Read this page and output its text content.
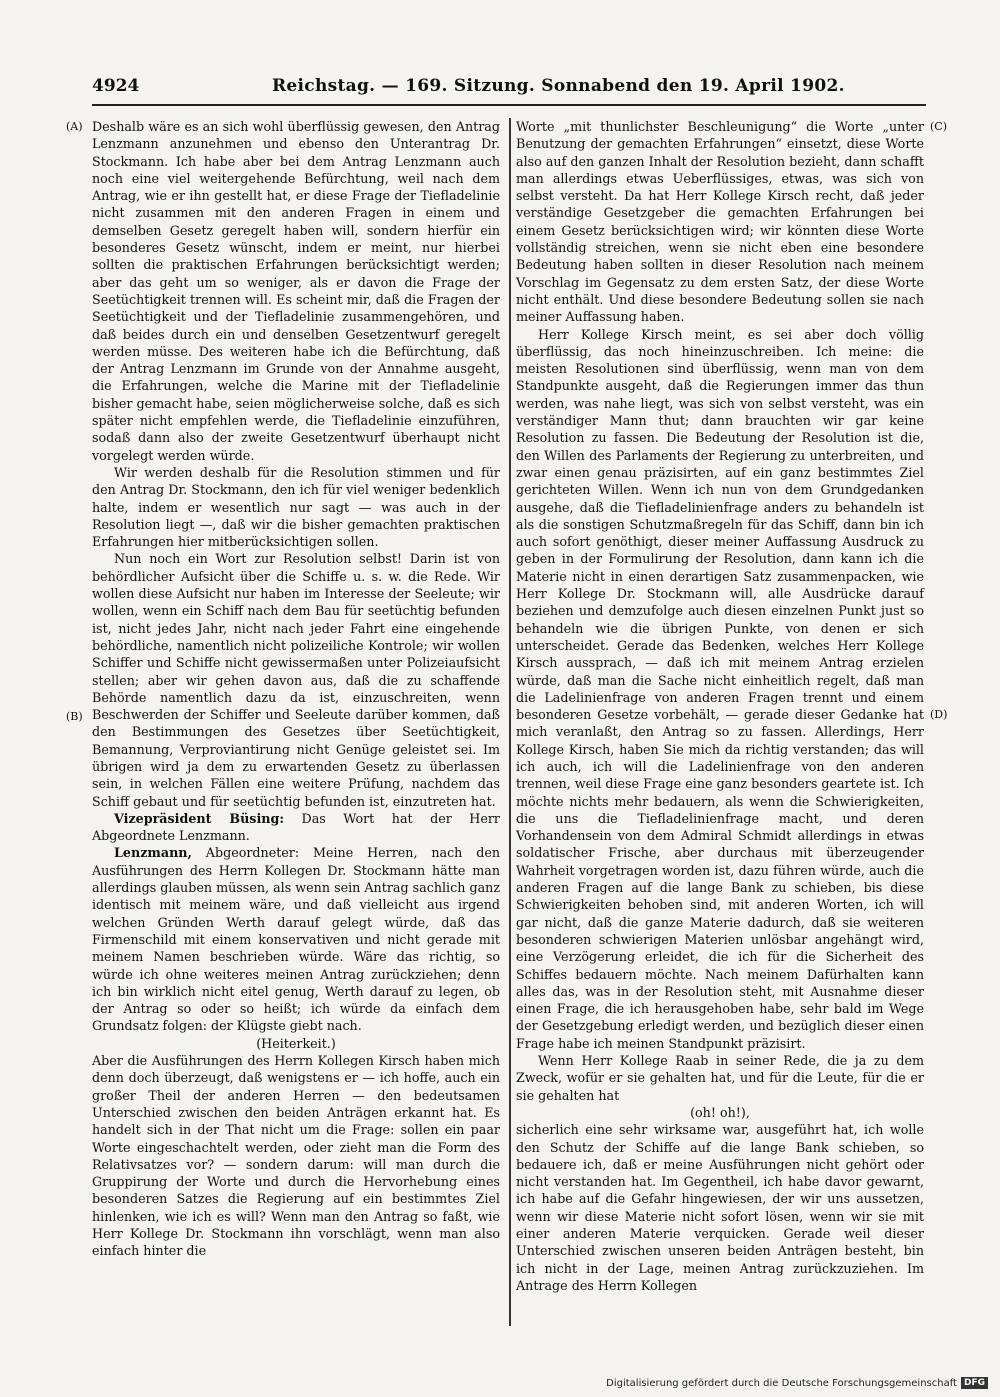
4924	Reichstag. — 169. Sitzung. Sonnabend den 19. April 1902.
(A)
(B)
(C)
(D)

Deshalb wäre es an sich wohl überflüssig gewesen, den Antrag Lenzmann anzunehmen und ebenso den Unterantrag Dr. Stockmann. Ich habe aber bei dem Antrag Lenzmann auch noch eine viel weitergehende Befürchtung, weil nach dem Antrag, wie er ihn gestellt hat, er diese Frage der Tiefladelinie nicht zusammen mit den anderen Fragen in einem und demselben Gesetz geregelt haben will, sondern hierfür ein besonderes Gesetz wünscht, indem er meint, nur hierbei sollten die praktischen Erfahrungen berücksichtigt werden; aber das geht um so weniger, als er davon die Frage der Seetüchtigkeit trennen will. Es scheint mir, daß die Fragen der Seetüchtigkeit und der Tiefladelinie zusammengehören, und daß beides durch ein und denselben Gesetzentwurf geregelt werden müsse. Des weiteren habe ich die Befürchtung, daß der Antrag Lenzmann im Grunde von der Annahme ausgeht, die Erfahrungen, welche die Marine mit der Tiefladelinie bisher gemacht habe, seien möglicherweise solche, daß es sich später nicht empfehlen werde, die Tiefladelinie einzuführen, sodaß dann also der zweite Gesetzentwurf überhaupt nicht vorgelegt werden würde.

Wir werden deshalb für die Resolution stimmen und für den Antrag Dr. Stockmann, den ich für viel weniger bedenklich halte, indem er wesentlich nur sagt — was auch in der Resolution liegt —, daß wir die bisher gemachten praktischen Erfahrungen hier mitberücksichtigen sollen.

Nun noch ein Wort zur Resolution selbst! Darin ist von behördlicher Aufsicht über die Schiffe u. s. w. die Rede. Wir wollen diese Aufsicht nur haben im Interesse der Seeleute; wir wollen, wenn ein Schiff nach dem Bau für seetüchtig befunden ist, nicht jedes Jahr, nicht nach jeder Fahrt eine eingehende behördliche, namentlich nicht polizeiliche Kontrole; wir wollen Schiffer und Schiffe nicht gewissermaßen unter Polizeiaufsicht stellen; aber wir gehen davon aus, daß die zu schaffende Behörde namentlich dazu da ist, einzuschreiten, wenn Beschwerden der Schiffer und Seeleute darüber kommen, daß den Bestimmungen des Gesetzes über Seetüchtigkeit, Bemannung, Verproviantirung nicht Genüge geleistet sei. Im übrigen wird ja dem zu erwartenden Gesetz zu überlassen sein, in welchen Fällen eine weitere Prüfung, nachdem das Schiff gebaut und für seetüchtig befunden ist, einzutreten hat.

Vizepräsident Büsing: Das Wort hat der Herr Abgeordnete Lenzmann.

Lenzmann, Abgeordneter: Meine Herren, nach den Ausführungen des Herrn Kollegen Dr. Stockmann hätte man allerdings glauben müssen, als wenn sein Antrag sachlich ganz identisch mit meinem wäre, und daß vielleicht aus irgend welchen Gründen Werth darauf gelegt würde, daß das Firmenschild mit einem konservativen und nicht gerade mit meinem Namen beschrieben würde. Wäre das richtig, so würde ich ohne weiteres meinen Antrag zurückziehen; denn ich bin wirklich nicht eitel genug, Werth darauf zu legen, ob der Antrag so oder so heißt; ich würde da einfach dem Grundsatz folgen: der Klügste giebt nach.

(Heiterkeit.)

Aber die Ausführungen des Herrn Kollegen Kirsch haben mich denn doch überzeugt, daß wenigstens er — ich hoffe, auch ein großer Theil der anderen Herren — den bedeutsamen Unterschied zwischen den beiden Anträgen erkannt hat. Es handelt sich in der That nicht um die Frage: sollen ein paar Worte eingeschachtelt werden, oder zieht man die Form des Relativsatzes vor? — sondern darum: will man durch die Gruppirung der Worte und durch die Hervorhebung eines besonderen Satzes die Regierung auf ein bestimmtes Ziel hinlenken, wie ich es will? Wenn man den Antrag so faßt, wie Herr Kollege Dr. Stockmann ihn vorschlägt, wenn man also einfach hinter die

Worte „mit thunlichster Beschleunigung“ die Worte „unter Benutzung der gemachten Erfahrungen“ einsetzt, diese Worte also auf den ganzen Inhalt der Resolution bezieht, dann schafft man allerdings etwas Ueberflüssiges, etwas, was sich von selbst versteht. Da hat Herr Kollege Kirsch recht, daß jeder verständige Gesetzgeber die gemachten Erfahrungen bei einem Gesetz berücksichtigen wird; wir könnten diese Worte vollständig streichen, wenn sie nicht eben eine besondere Bedeutung haben sollten in dieser Resolution nach meinem Vorschlag im Gegensatz zu dem ersten Satz, der diese Worte nicht enthält. Und diese besondere Bedeutung sollen sie nach meiner Auffassung haben.

Herr Kollege Kirsch meint, es sei aber doch völlig überflüssig, das noch hineinzuschreiben. Ich meine: die meisten Resolutionen sind überflüssig, wenn man von dem Standpunkte ausgeht, daß die Regierungen immer das thun werden, was nahe liegt, was sich von selbst versteht, was ein verständiger Mann thut; dann brauchten wir gar keine Resolution zu fassen. Die Bedeutung der Resolution ist die, den Willen des Parlaments der Regierung zu unterbreiten, und zwar einen genau präzisirten, auf ein ganz bestimmtes Ziel gerichteten Willen. Wenn ich nun von dem Grundgedanken ausgehe, daß die Tiefladelinienfrage anders zu behandeln ist als die sonstigen Schutzmaßregeln für das Schiff, dann bin ich auch sofort genöthigt, dieser meiner Auffassung Ausdruck zu geben in der Formulirung der Resolution, dann kann ich die Materie nicht in einen derartigen Satz zusammenpacken, wie Herr Kollege Dr. Stockmann will, alle Ausdrücke darauf beziehen und demzufolge auch diesen einzelnen Punkt just so behandeln wie die übrigen Punkte, von denen er sich unterscheidet. Gerade das Bedenken, welches Herr Kollege Kirsch aussprach, — daß ich mit meinem Antrag erzielen würde, daß man die Sache nicht einheitlich regelt, daß man die Ladelinienfrage von anderen Fragen trennt und einem besonderen Gesetze vorbehält, — gerade dieser Gedanke hat mich veranlaßt, den Antrag so zu fassen. Allerdings, Herr Kollege Kirsch, haben Sie mich da richtig verstanden; das will ich auch, ich will die Ladelinienfrage von den anderen trennen, weil diese Frage eine ganz besonders geartete ist. Ich möchte nichts mehr bedauern, als wenn die Schwierigkeiten, die uns die Tiefladelinienfrage macht, und deren Vorhandensein von dem Admiral Schmidt allerdings in etwas soldatischer Frische, aber durchaus mit überzeugender Wahrheit vorgetragen worden ist, dazu führen würde, auch die anderen Fragen auf die lange Bank zu schieben, bis diese Schwierigkeiten behoben sind, mit anderen Worten, ich will gar nicht, daß die ganze Materie dadurch, daß sie weiteren besonderen schwierigen Materien unlösbar angehängt wird, eine Verzögerung erleidet, die ich für die Sicherheit des Schiffes bedauern möchte. Nach meinem Dafürhalten kann alles das, was in der Resolution steht, mit Ausnahme dieser einen Frage, die ich herausgehoben habe, sehr bald im Wege der Gesetzgebung erledigt werden, und bezüglich dieser einen Frage habe ich meinen Standpunkt präzisirt.

Wenn Herr Kollege Raab in seiner Rede, die ja zu dem Zweck, wofür er sie gehalten hat, und für die Leute, für die er sie gehalten hat

(oh! oh!),

sicherlich eine sehr wirksame war, ausgeführt hat, ich wolle den Schutz der Schiffe auf die lange Bank schieben, so bedauere ich, daß er meine Ausführungen nicht gehört oder nicht verstanden hat. Im Gegentheil, ich habe davor gewarnt, ich habe auf die Gefahr hingewiesen, der wir uns aussetzen, wenn wir diese Materie nicht sofort lösen, wenn wir sie mit einer anderen Materie verquicken. Gerade weil dieser Unterschied zwischen unseren beiden Anträgen besteht, bin ich nicht in der Lage, meinen Antrag zurückzuziehen. Im Antrage des Herrn Kollegen

Digitalisierung gefördert durch die Deutsche Forschungsgemeinschaft DFG
